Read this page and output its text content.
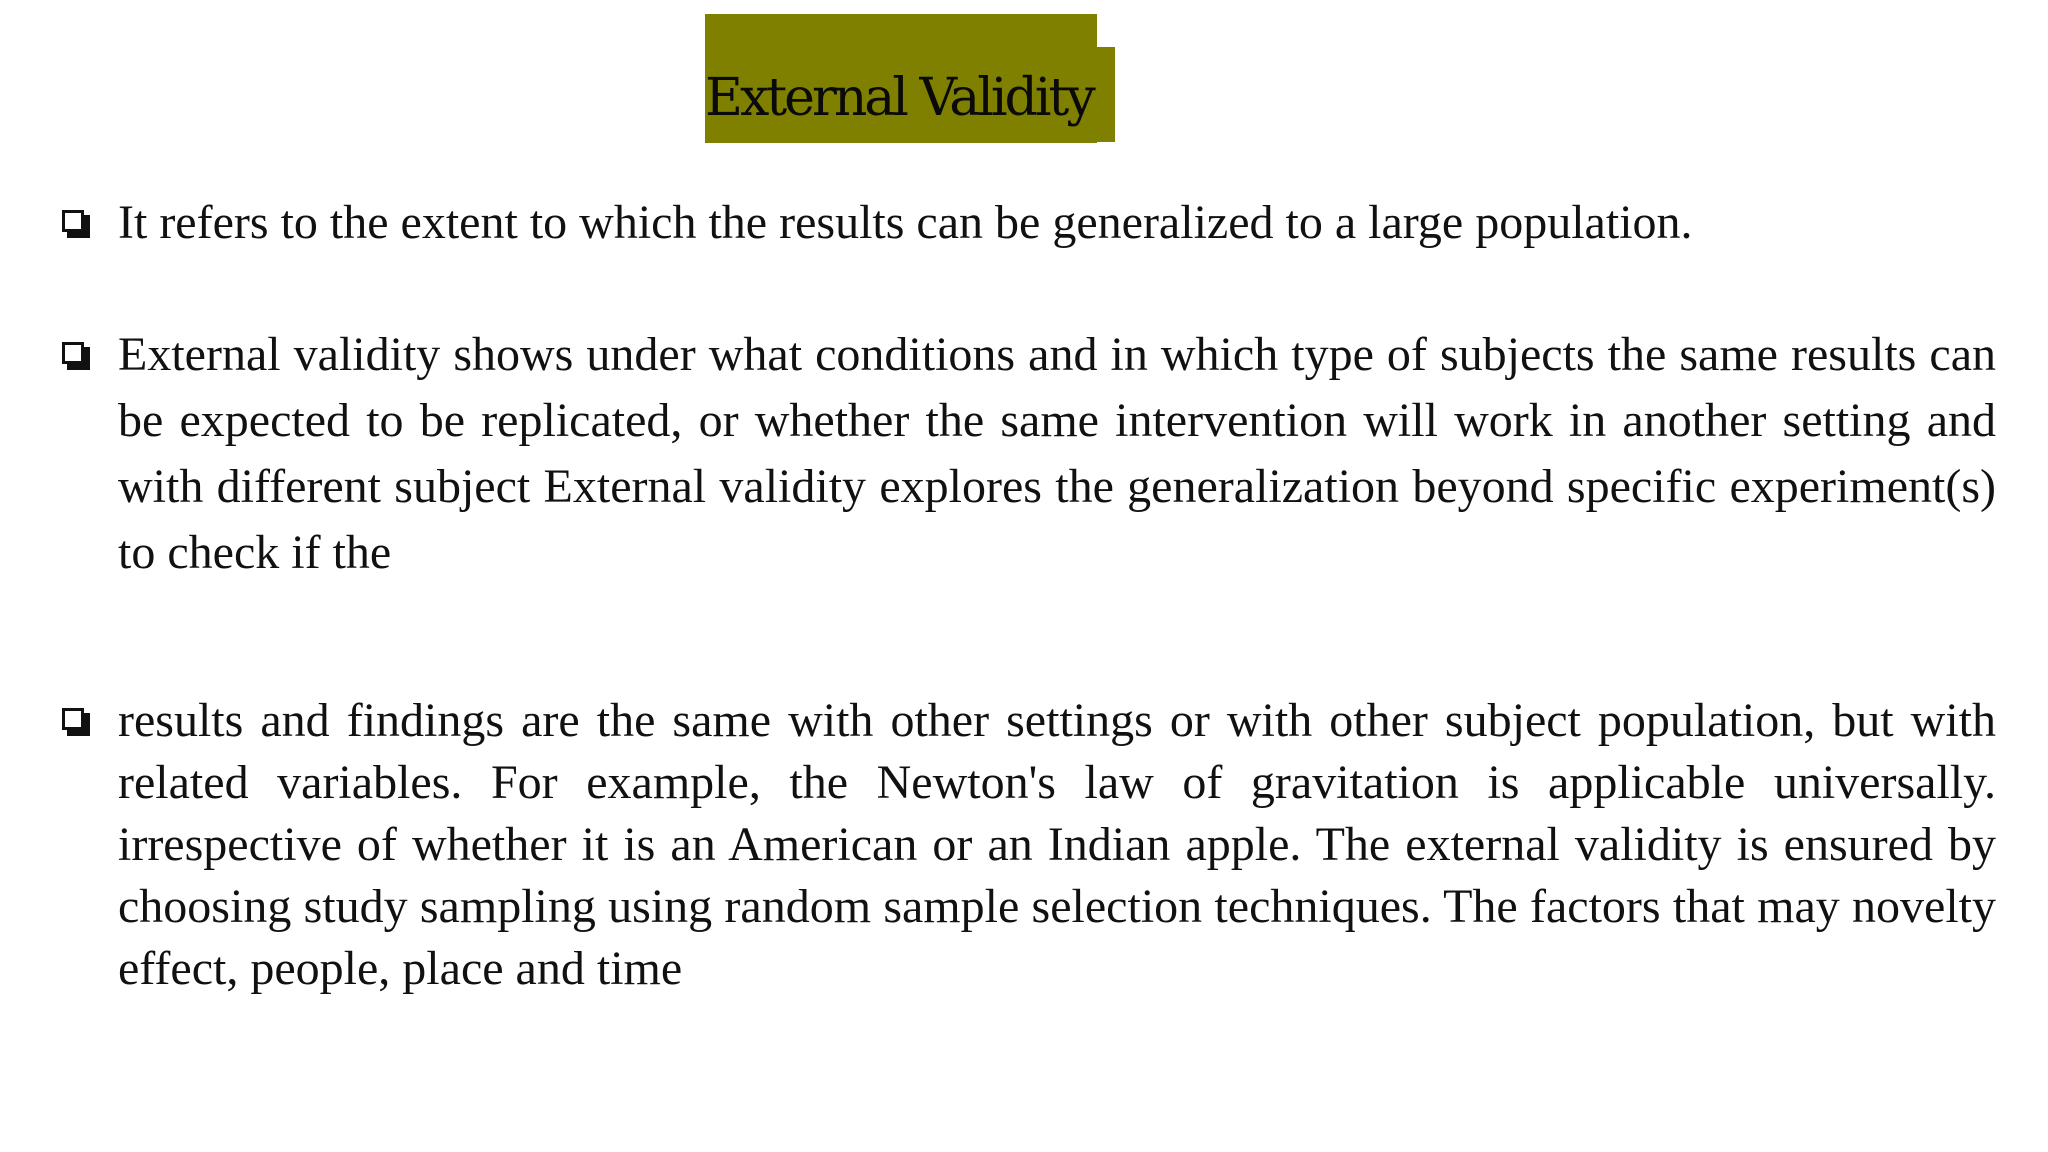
External Validity
It refers to the extent to which the results can be generalized to a large population.
External validity shows under what conditions and in which type of subjects the same results can be expected to be replicated, or whether the same intervention will work in another setting and with different subject External validity explores the generalization beyond specific experiment(s) to check if the
results and findings are the same with other settings or with other subject population, but with related variables. For example, the Newton's law of gravitation is applicable universally. irrespective of whether it is an American or an Indian apple. The external validity is ensured by choosing study sampling using random sample selection techniques. The factors that may novelty effect, people, place and time
